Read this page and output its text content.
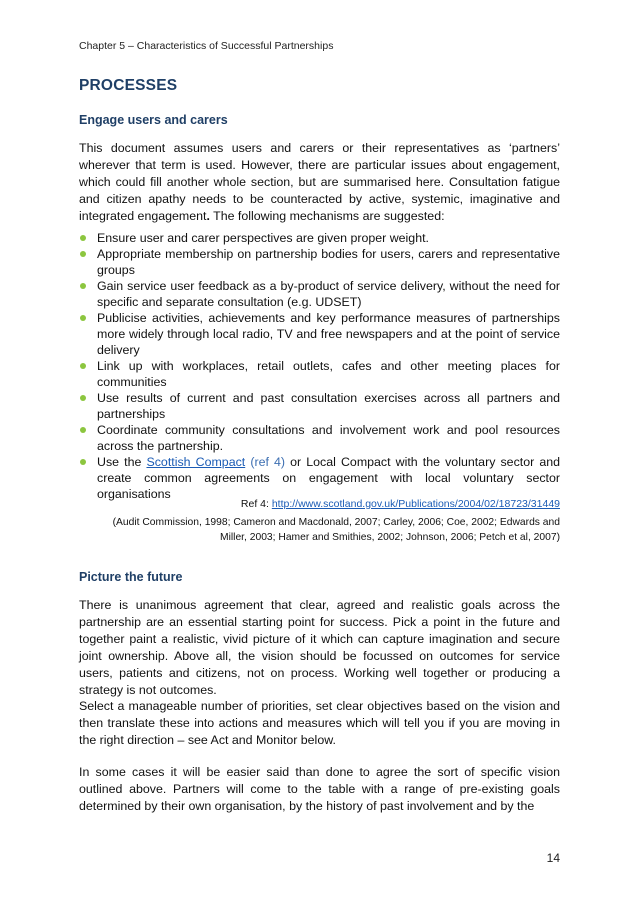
Chapter 5 – Characteristics of Successful Partnerships
PROCESSES
Engage users and carers

This document assumes users and carers or their representatives as ‘partners’ wherever that term is used. However, there are particular issues about engagement, which could fill another whole section, but are summarised here. Consultation fatigue and citizen apathy needs to be counteracted by active, systemic, imaginative and integrated engagement. The following mechanisms are suggested:

Ensure user and carer perspectives are given proper weight.
Appropriate membership on partnership bodies for users, carers and representative groups
Gain service user feedback as a by-product of service delivery, without the need for specific and separate consultation (e.g. UDSET)
Publicise activities, achievements and key performance measures of partnerships more widely through local radio, TV and free newspapers and at the point of service delivery
Link up with workplaces, retail outlets, cafes and other meeting places for communities
Use results of current and past consultation exercises across all partners and partnerships
Coordinate community consultations and involvement work and pool resources across the partnership.
Use the Scottish Compact (ref 4) or Local Compact with the voluntary sector and create common agreements on engagement with local voluntary sector organisations
Ref 4: http://www.scotland.gov.uk/Publications/2004/02/18723/31449
(Audit Commission, 1998; Cameron and Macdonald, 2007; Carley, 2006; Coe, 2002; Edwards and Miller, 2003; Hamer and Smithies, 2002; Johnson, 2006; Petch et al, 2007)
Picture the future

There is unanimous agreement that clear, agreed and realistic goals across the partnership are an essential starting point for success. Pick a point in the future and together paint a realistic, vivid picture of it which can capture imagination and secure joint ownership. Above all, the vision should be focussed on outcomes for service users, patients and citizens, not on process. Working well together or producing a strategy is not outcomes.

Select a manageable number of priorities, set clear objectives based on the vision and then translate these into actions and measures which will tell you if you are moving in the right direction – see Act and Monitor below.

In some cases it will be easier said than done to agree the sort of specific vision outlined above. Partners will come to the table with a range of pre-existing goals determined by their own organisation, by the history of past involvement and by the

14
